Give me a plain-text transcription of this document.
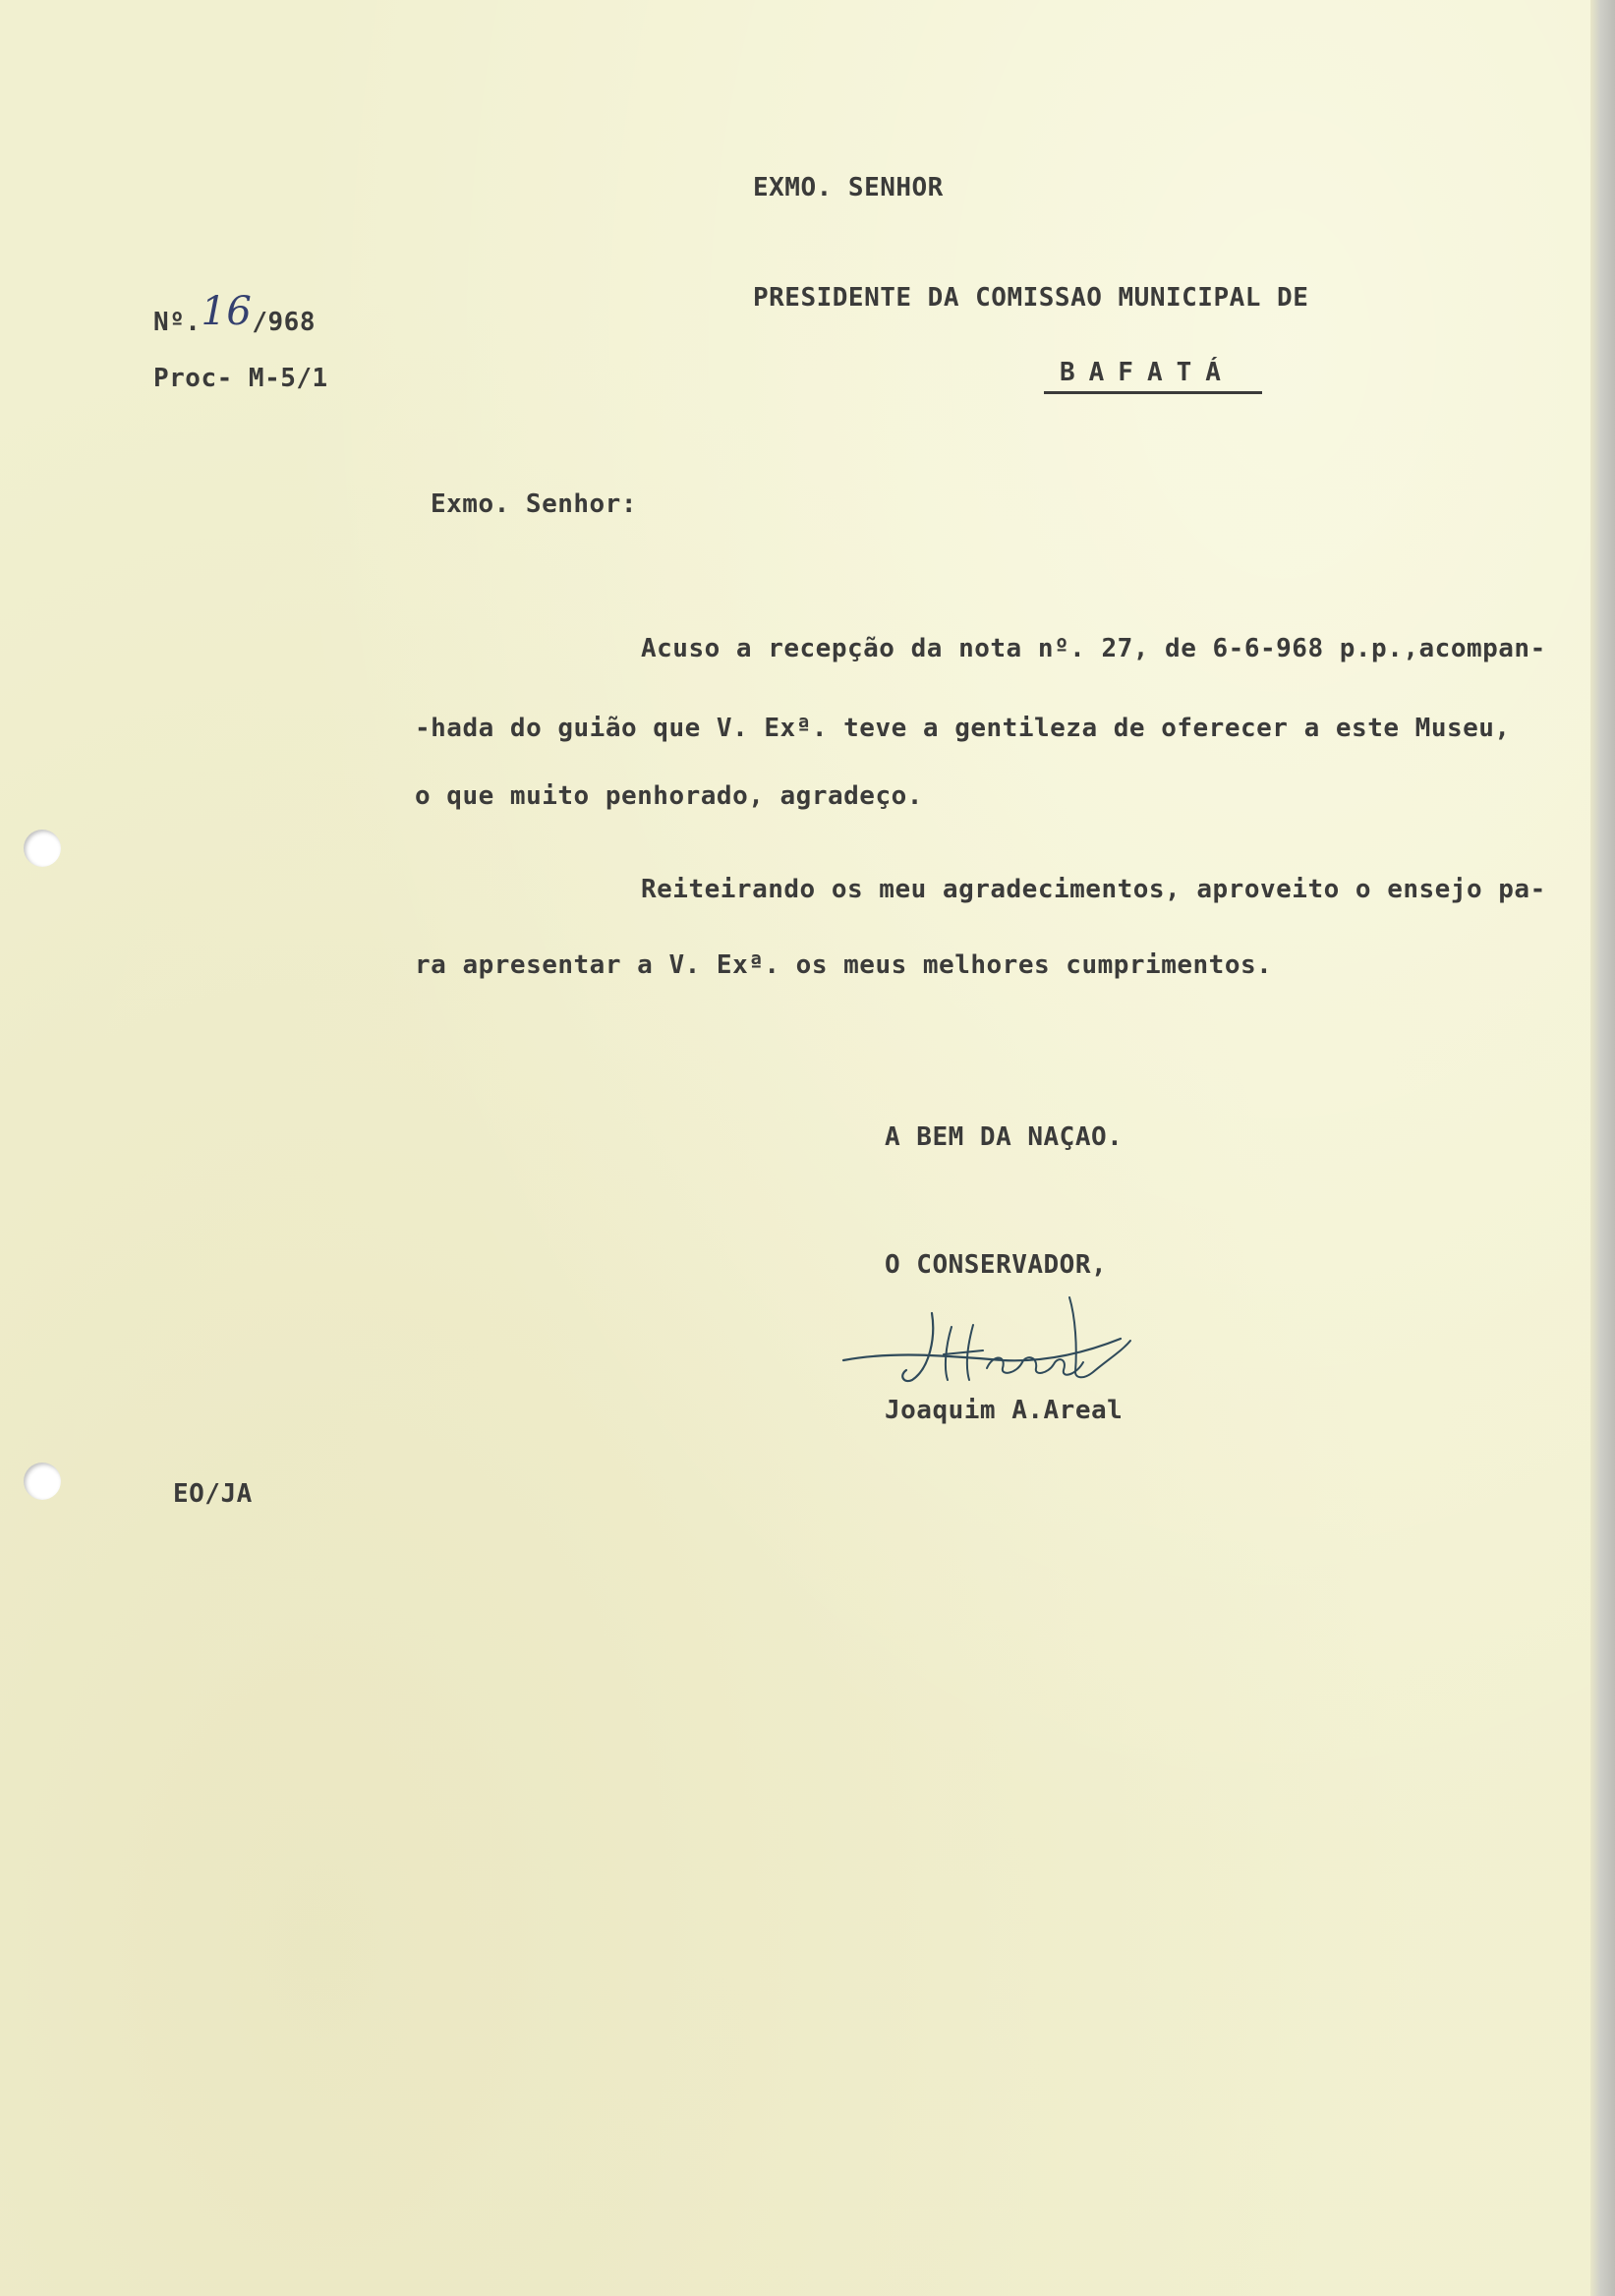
EXMO. SENHOR
Nº.16/968
PRESIDENTE DA COMISSAO MUNICIPAL DE
Proc- M-5/1	BAFATÁ
Exmo. Senhor:
Acuso a recepção da nota nº. 27, de 6-6-968 p.p.,acompan-
-hada do guião que V. Exª. teve a gentileza de oferecer a este Museu,
o que muito penhorado, agradeço.
Reiteirando os meu agradecimentos, aproveito o ensejo pa-
ra apresentar a V. Exª. os meus melhores cumprimentos.
A BEM DA NAÇAO.
O CONSERVADOR,
Joaquim A.Areal
EO/JA
